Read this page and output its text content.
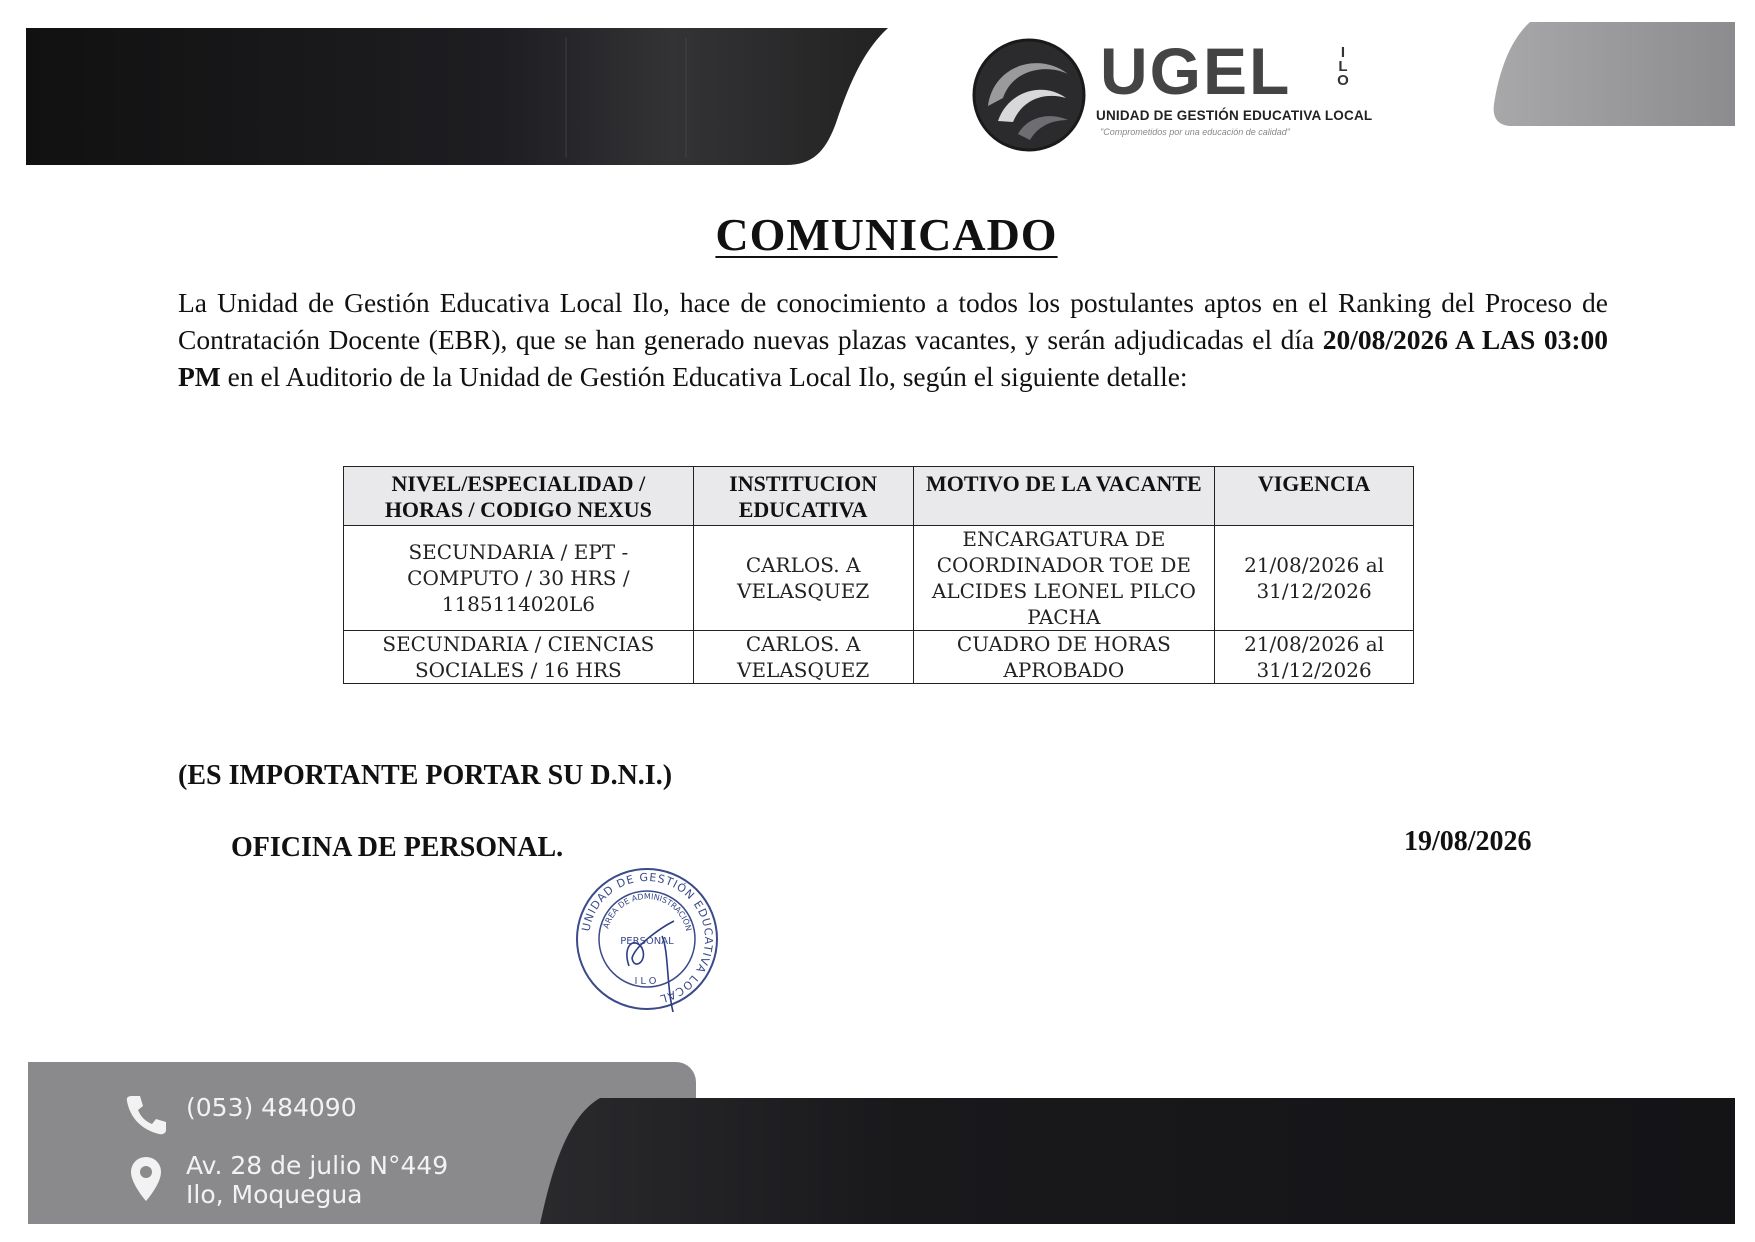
UGEL	I
L
O
UNIDAD DE GESTIÓN EDUCATIVA LOCAL
"Comprometidos por una educación de calidad"
COMUNICADO
La Unidad de Gestión Educativa Local Ilo, hace de conocimiento a todos los postulantes aptos en el Ranking del Proceso de Contratación Docente (EBR), que se han generado nuevas plazas vacantes, y serán adjudicadas el día 20/08/2026 A LAS 03:00 PM en el Auditorio de la Unidad de Gestión Educativa Local Ilo, según el siguiente detalle:
NIVEL/ESPECIALIDAD / HORAS / CODIGO NEXUS	INSTITUCION EDUCATIVA	MOTIVO DE LA VACANTE	VIGENCIA
SECUNDARIA / EPT - COMPUTO / 30 HRS / 1185114020L6	CARLOS. A VELASQUEZ	ENCARGATURA DE COORDINADOR TOE DE ALCIDES LEONEL PILCO PACHA	21/08/2026 al 31/12/2026
SECUNDARIA / CIENCIAS SOCIALES / 16 HRS	CARLOS. A VELASQUEZ	CUADRO DE HORAS APROBADO	21/08/2026 al 31/12/2026
(ES IMPORTANTE PORTAR SU D.N.I.)
OFICINA DE PERSONAL.	19/08/2026
UNIDAD DE GESTIÓN EDUCATIVA LOCAL
ÁREA DE ADMINISTRACIÓN
PERSONAL
ILO
(053) 484090
Av. 28 de julio N°449
Ilo, Moquegua
